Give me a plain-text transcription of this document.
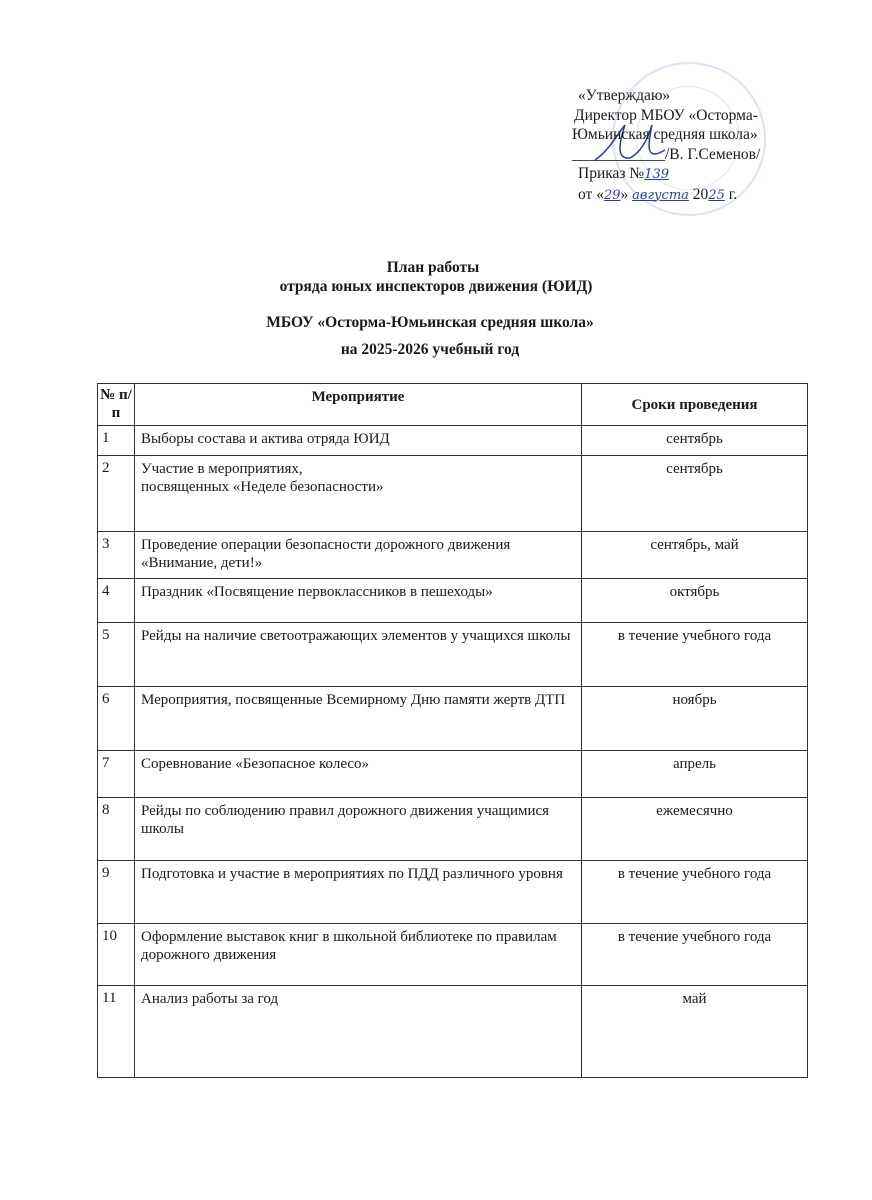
«Утверждаю»
Директор МБОУ «Осторма-
Юмьинская средняя школа»
____________/В. Г.Семенов/
Приказ №139
от «29» августа 2025 г.
План работы
отряда юных инспекторов движения (ЮИД)
МБОУ «Осторма-Юмьинская средняя школа»
на 2025-2026 учебный год
№ п/п	Мероприятие	Сроки проведения
1	Выборы состава и актива отряда ЮИД	сентябрь
2	Участие в мероприятиях,
посвященных «Неделе безопасности»	сентябрь
3	Проведение операции безопасности дорожного движения «Внимание, дети!»	сентябрь, май
4	Праздник «Посвящение первоклассников в пешеходы»	октябрь
5	Рейды на наличие светоотражающих элементов у учащихся школы	в течение учебного года
6	Мероприятия, посвященные Всемирному Дню памяти жертв ДТП	ноябрь
7	Соревнование «Безопасное колесо»	апрель
8	Рейды по соблюдению правил дорожного движения учащимися школы	ежемесячно
9	Подготовка и участие в мероприятиях по ПДД различного уровня	в течение учебного года
10	Оформление выставок книг в школьной библиотеке по правилам дорожного движения	в течение учебного года
11	Анализ работы за год	май
